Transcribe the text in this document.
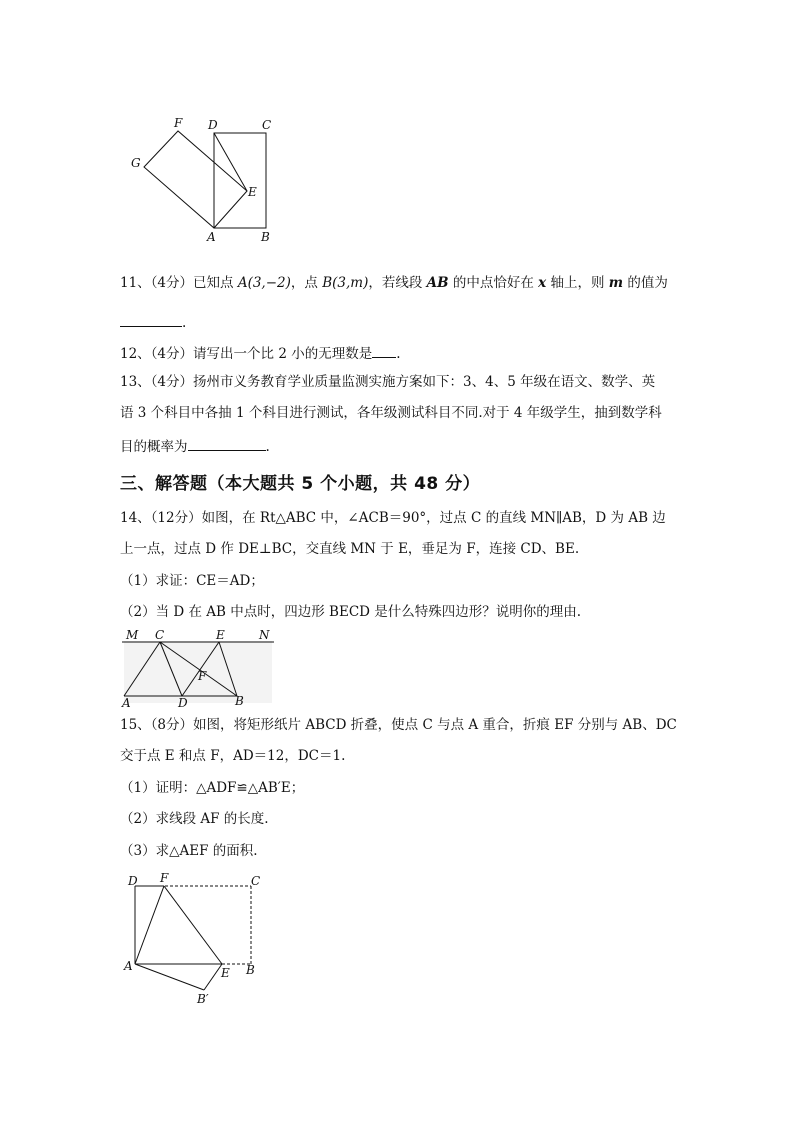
F D	C
G
E
A	B
11、（4分）已知点 A(3,−2)，点 B(3,m)，若线段 AB 的中点恰好在 x 轴上，则 m 的值为
.
12、（4分）请写出一个比 2 小的无理数是 .
13、（4分）扬州市义务教育学业质量监测实施方案如下：3、4、5 年级在语文、数学、英
语 3 个科目中各抽 1 个科目进行测试，各年级测试科目不同.对于 4 年级学生，抽到数学科
目的概率为	.
三、解答题（本大题共 5 个小题，共 48 分）
14、（12分）如图，在 Rt△ABC 中，∠ACB＝90°，过点 C 的直线 MN∥AB，D 为 AB 边
上一点，过点 D 作 DE⊥BC，交直线 MN 于 E，垂足为 F，连接 CD、BE.
（1）求证：CE＝AD；
（2）当 D 在 AB 中点时，四边形 BECD 是什么特殊四边形？说明你的理由.
M C	E	N
F
A	D	B
15、（8分）如图，将矩形纸片 ABCD 折叠，使点 C 与点 A 重合，折痕 EF 分别与 AB、DC
交于点 E 和点 F，AD＝12，DC＝1.
（1）证明：△ADF≌△AB′E；
（2）求线段 AF 的长度.
（3）求△AEF 的面积.
D F	C
A	E B
B′
